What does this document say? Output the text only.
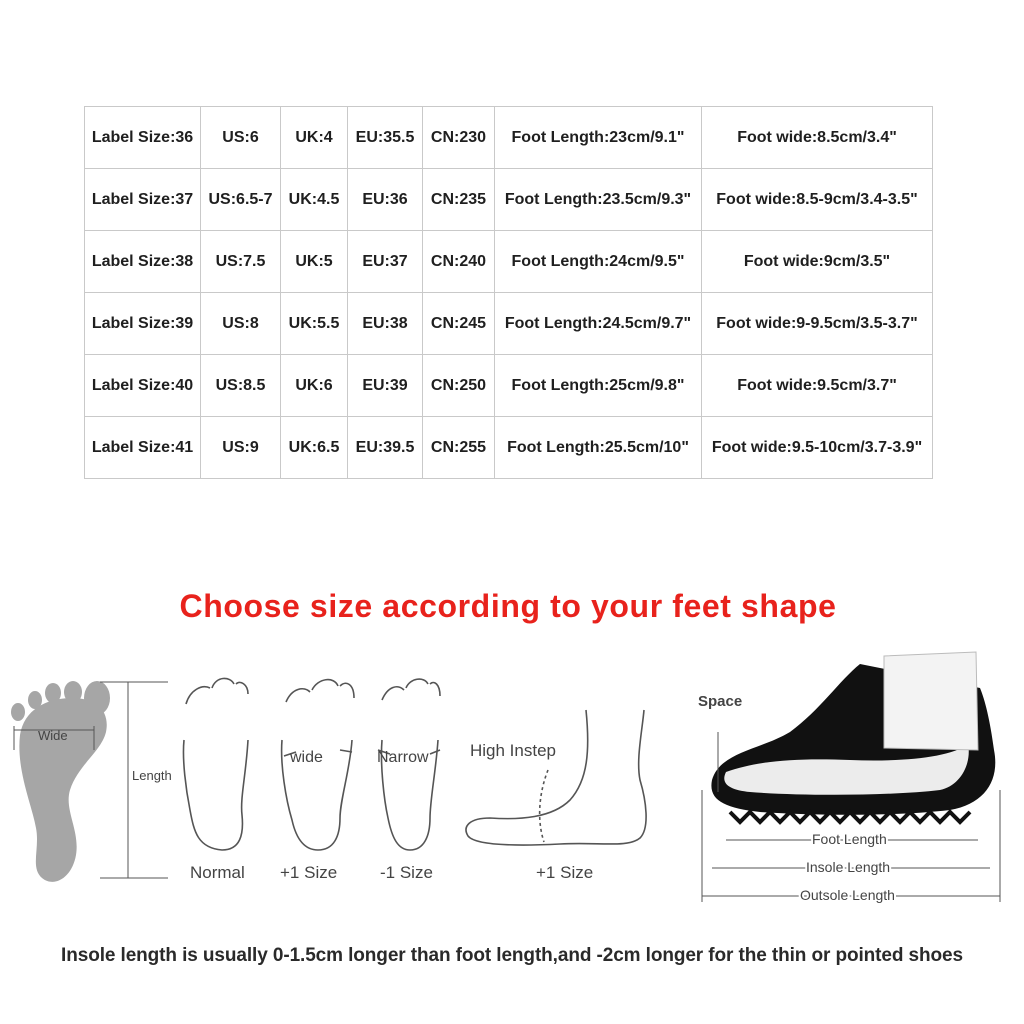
Label Size:36	US:6	UK:4	EU:35.5	CN:230	Foot Length:23cm/9.1"	Foot wide:8.5cm/3.4"
Label Size:37	US:6.5-7	UK:4.5	EU:36	CN:235	Foot Length:23.5cm/9.3"	Foot wide:8.5-9cm/3.4-3.5"
Label Size:38	US:7.5	UK:5	EU:37	CN:240	Foot Length:24cm/9.5"	Foot wide:9cm/3.5"
Label Size:39	US:8	UK:5.5	EU:38	CN:245	Foot Length:24.5cm/9.7"	Foot wide:9-9.5cm/3.5-3.7"
Label Size:40	US:8.5	UK:6	EU:39	CN:250	Foot Length:25cm/9.8"	Foot wide:9.5cm/3.7"
Label Size:41	US:9	UK:6.5	EU:39.5	CN:255	Foot Length:25.5cm/10"	Foot wide:9.5-10cm/3.7-3.9"
Choose size according to your feet shape
Wide
Length
Normal
wide
+1 Size
Narrow
-1 Size
High Instep
+1 Size
Space
Foot Length
Insole Length
Outsole Length
Insole length is usually 0-1.5cm longer than foot length,and -2cm longer for the thin or pointed shoes
